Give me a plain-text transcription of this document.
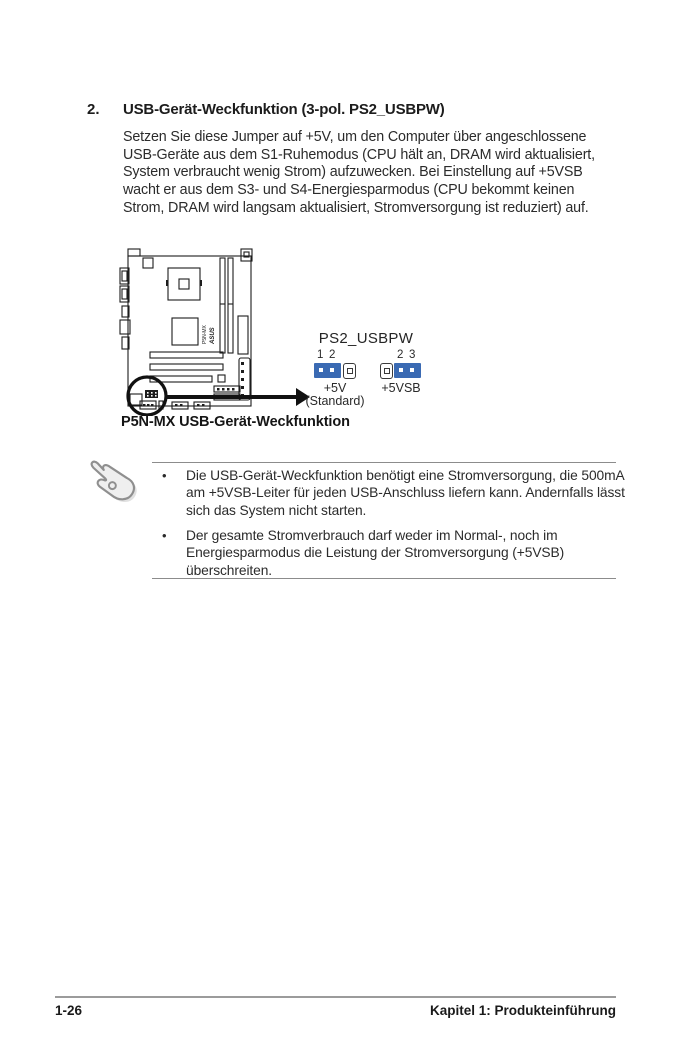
2. USB-Gerät-Weckfunktion (3-pol. PS2_USBPW)
Setzen Sie diese Jumper auf +5V, um den Computer über angeschlossene
USB-Geräte aus dem S1-Ruhemodus (CPU hält an, DRAM wird aktualisiert,
System verbraucht wenig Strom) aufzuwecken. Bei Einstellung auf +5VSB
wacht er aus dem S3- und S4-Energiesparmodus (CPU bekommt keinen
Strom, DRAM wird langsam aktualisiert, Stromversorgung ist reduziert) auf.
P5N-MX ASUS	PS2_USBPW
1 2
+5V
(Standard)
2 3
+5VSB
P5N-MX USB-Gerät-Weckfunktion
• Die USB-Gerät-Weckfunktion benötigt eine Stromversorgung, die 500mA
am +5VSB-Leiter für jeden USB-Anschluss liefern kann. Andernfalls lässt
sich das System nicht starten.
• Der gesamte Stromverbrauch darf weder im Normal-, noch im
Energiesparmodus die Leistung der Stromversorgung (+5VSB)
überschreiten.
1-26	Kapitel 1: Produkteinführung
